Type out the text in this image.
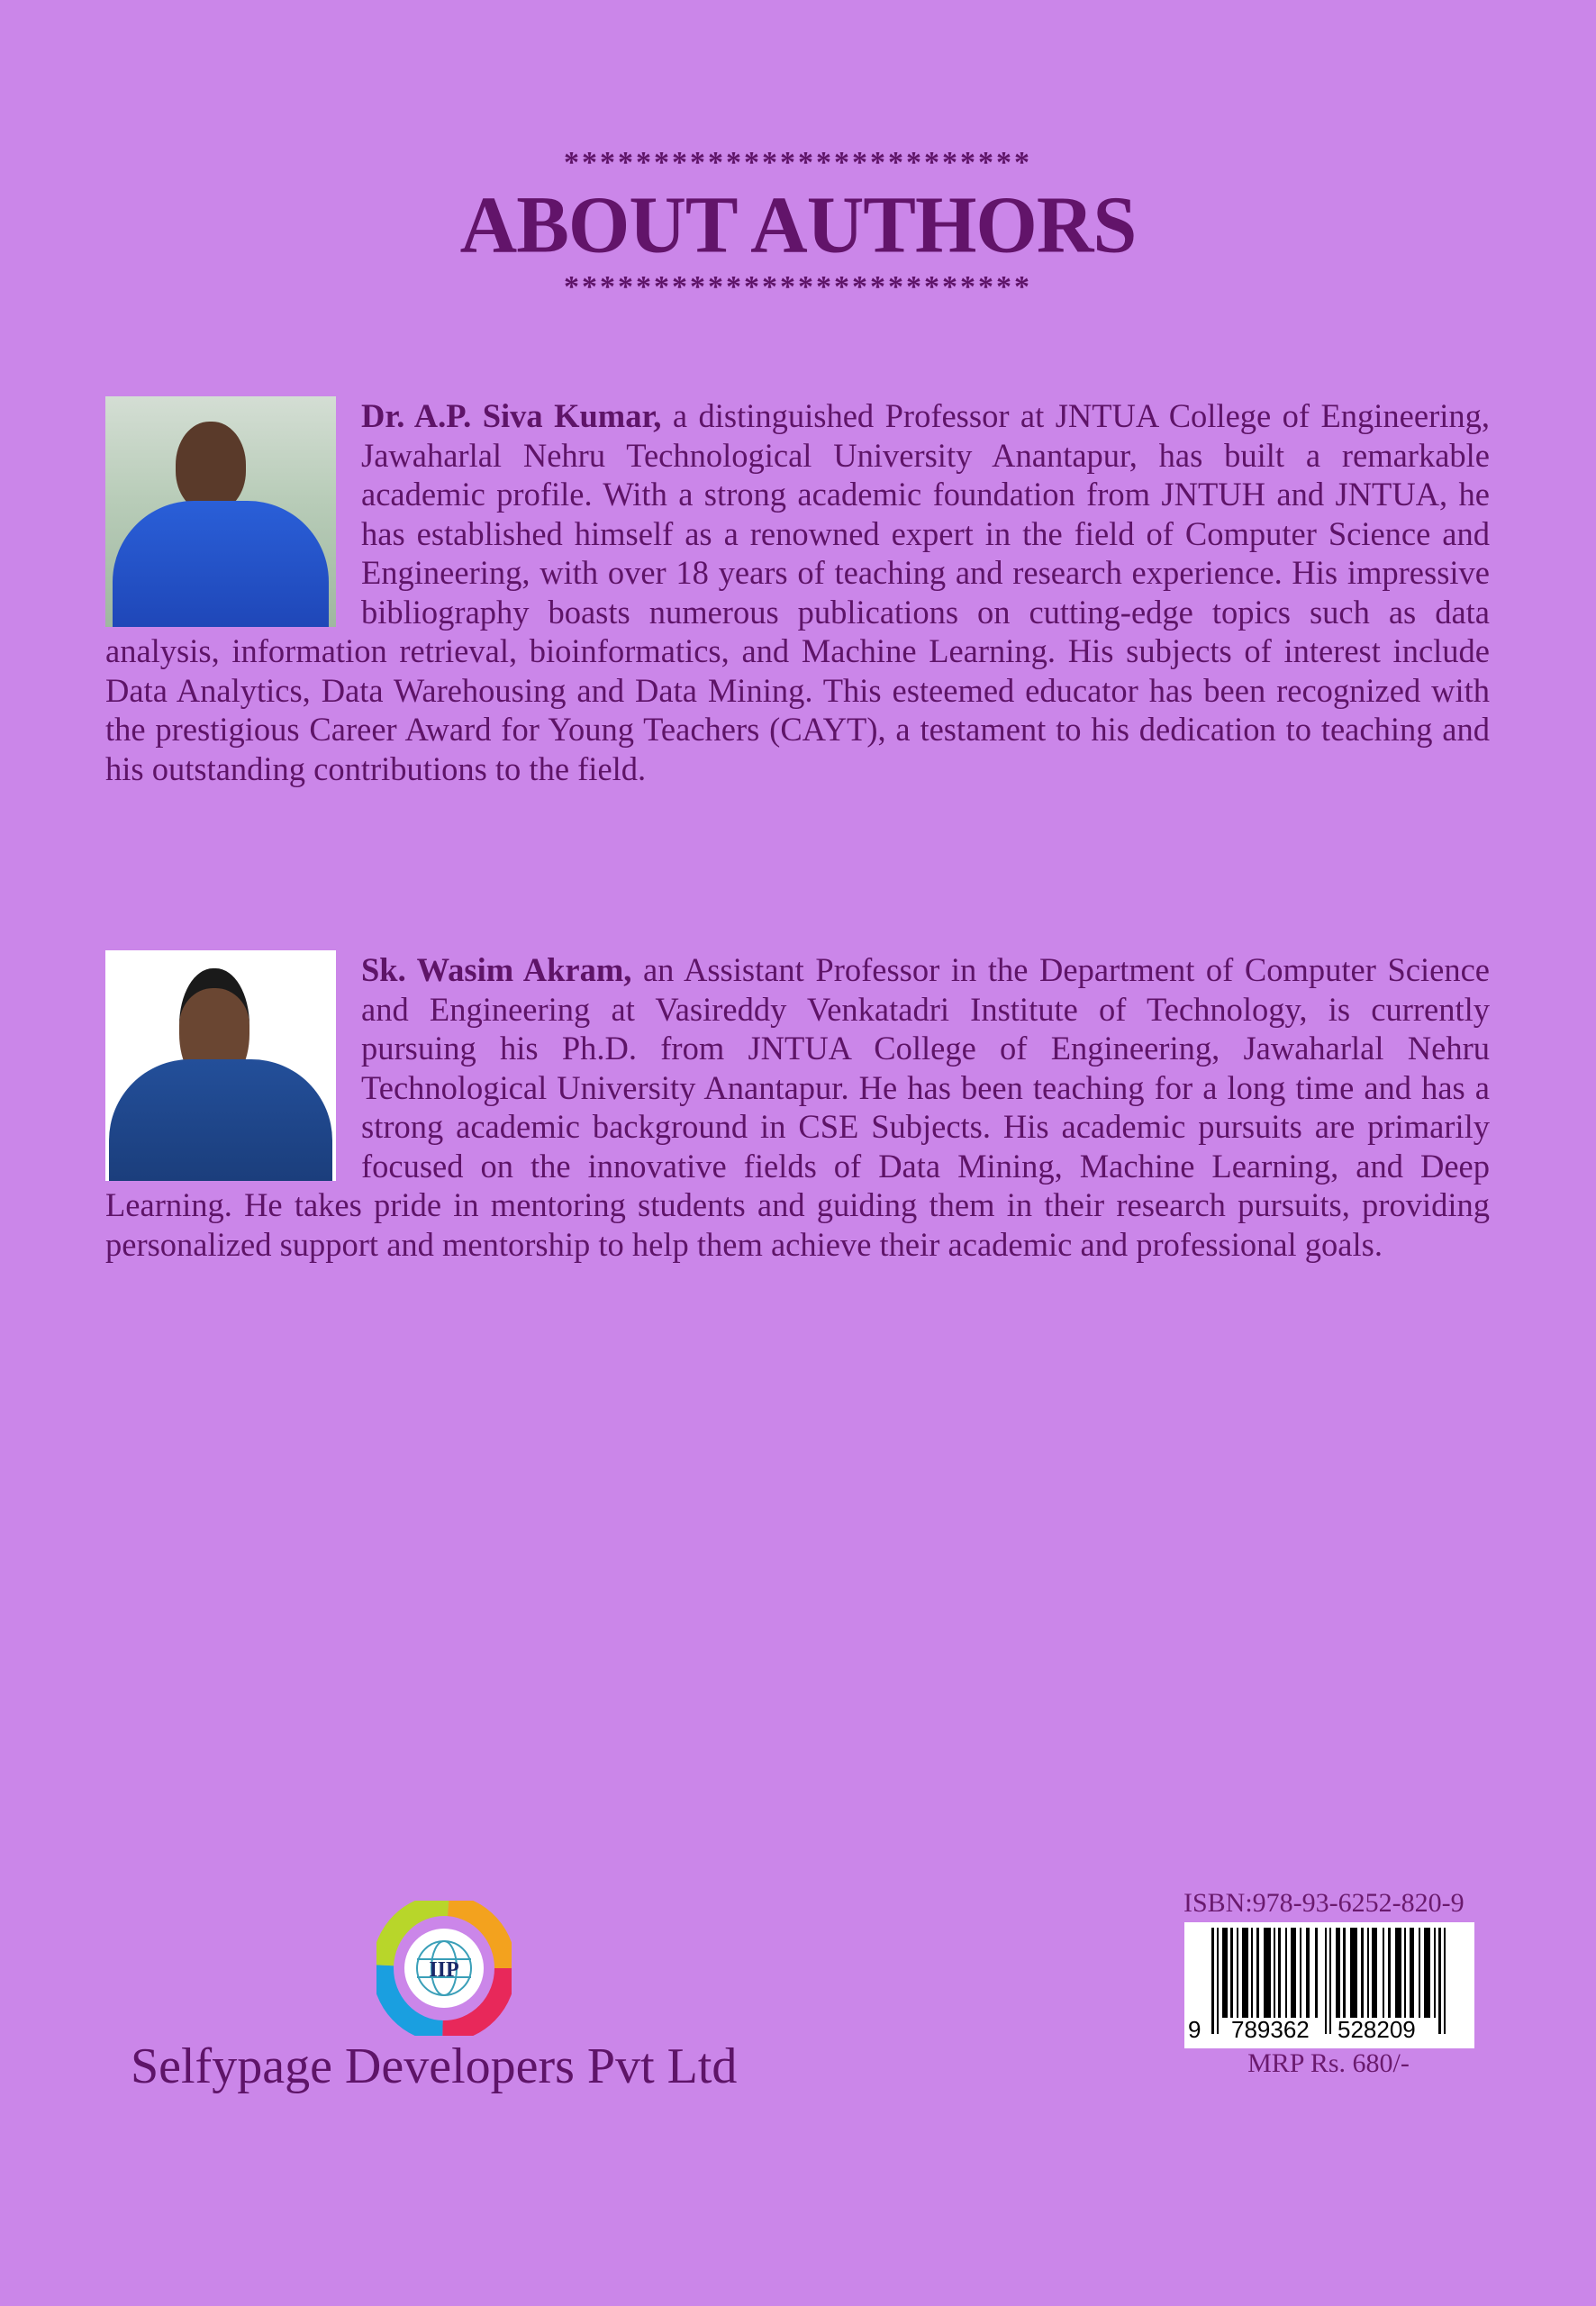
**************************
ABOUT AUTHORS
**************************
Dr. A.P. Siva Kumar, a distinguished Professor at JNTUA College of Engineering, Jawaharlal Nehru Technological University Anantapur, has built a remarkable academic profile. With a strong academic foundation from JNTUH and JNTUA, he has established himself as a renowned expert in the field of Computer Science and Engineering, with over 18 years of teaching and research experience. His impressive bibliography boasts numerous publications on cutting-edge topics such as data analysis, information retrieval, bioinformatics, and Machine Learning. His subjects of interest include Data Analytics, Data Warehousing and Data Mining. This esteemed educator has been recognized with the prestigious Career Award for Young Teachers (CAYT), a testament to his dedication to teaching and his outstanding contributions to the field.
Sk. Wasim Akram, an Assistant Professor in the Department of Computer Science and Engineering at Vasireddy Venkatadri Institute of Technology, is currently pursuing his Ph.D. from JNTUA College of Engineering, Jawaharlal Nehru Technological University Anantapur. He has been teaching for a long time and has a strong academic background in CSE Subjects. His academic pursuits are primarily focused on the innovative fields of Data Mining, Machine Learning, and Deep Learning. He takes pride in mentoring students and guiding them in their research pursuits, providing personalized support and mentorship to help them achieve their academic and professional goals.
IIP
Selfypage Developers Pvt Ltd
ISBN:978-93-6252-820-9
9 789362 528209
MRP Rs. 680/-
